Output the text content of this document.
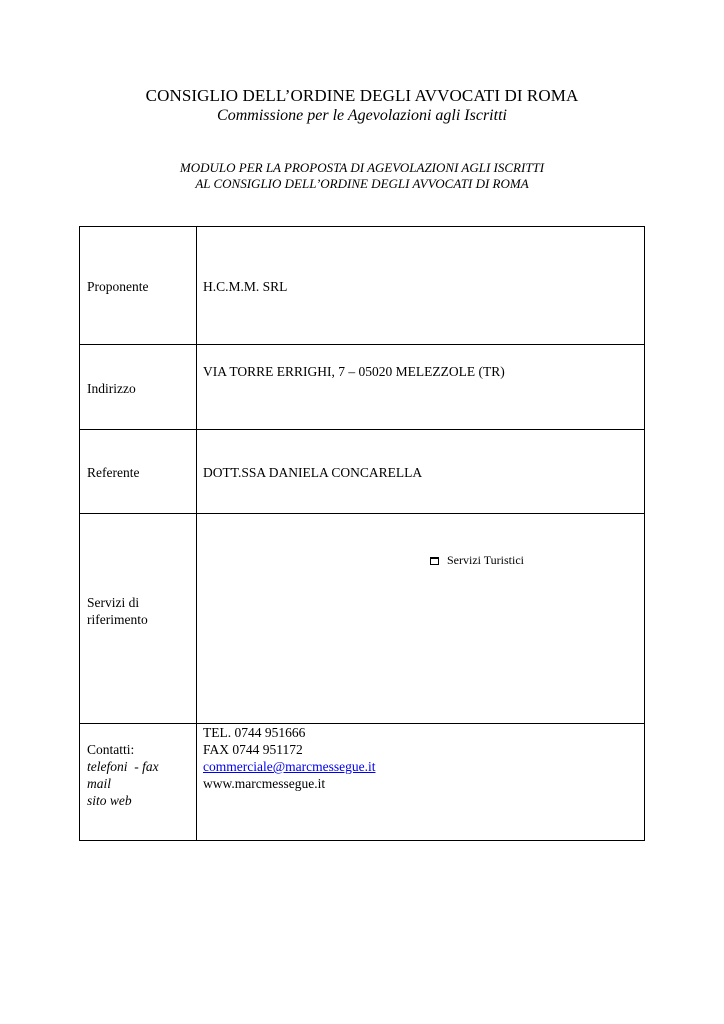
CONSIGLIO DELL’ORDINE DEGLI AVVOCATI DI ROMA
Commissione per le Agevolazioni agli Iscritti
MODULO PER LA PROPOSTA DI AGEVOLAZIONI AGLI ISCRITTI
AL CONSIGLIO DELL’ORDINE DEGLI AVVOCATI DI ROMA
Proponente	H.C.M.M. SRL
Indirizzo
VIA TORRE ERRIGHI, 7 – 05020 MELEZZOLE (TR)
Referente	DOTT.SSA DANIELA CONCARELLA
Servizi di
riferimento
Servizi Turistici
Contatti:
telefoni  - fax
mail
sito web
TEL. 0744 951666
FAX 0744 951172
commerciale@marcmessegue.it
www.marcmessegue.it
